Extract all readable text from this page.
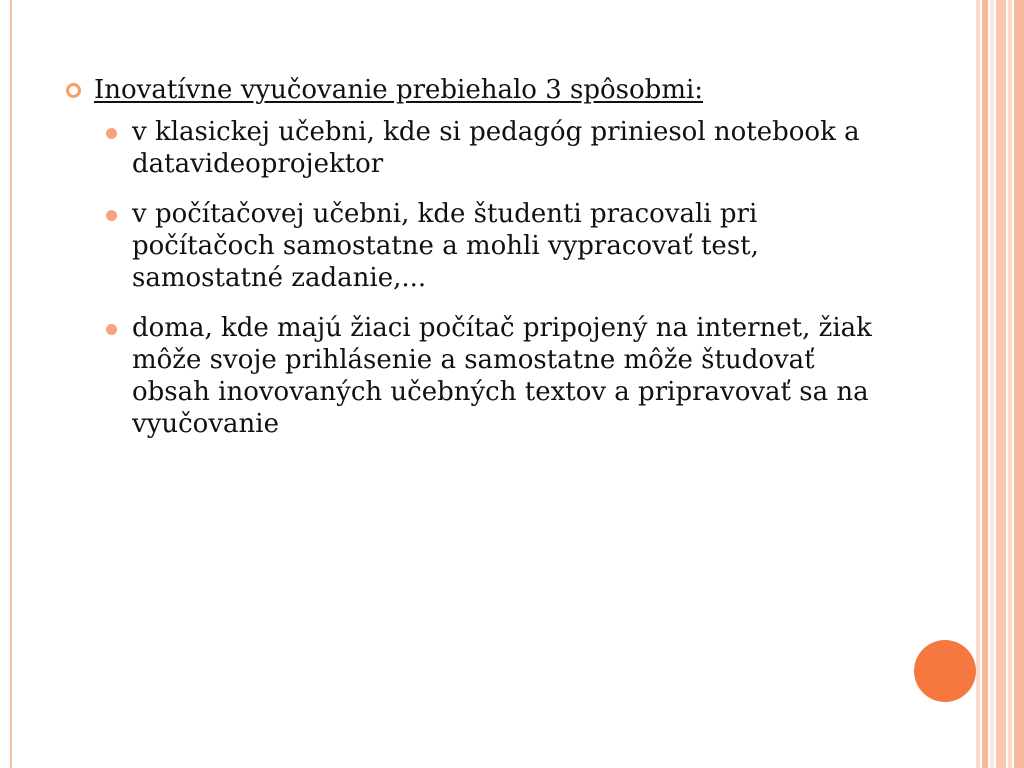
Inovatívne vyučovanie prebiehalo 3 spôsobmi:
v klasickej učebni, kde si pedagóg priniesol notebook a datavideoprojektor
v počítačovej učebni, kde študenti pracovali pri počítačoch samostatne a mohli vypracovať test, samostatné zadanie,...
doma, kde majú žiaci počítač pripojený na internet, žiak môže svoje prihlásenie a samostatne môže študovať obsah inovovaných učebných textov a pripravovať sa na vyučovanie
